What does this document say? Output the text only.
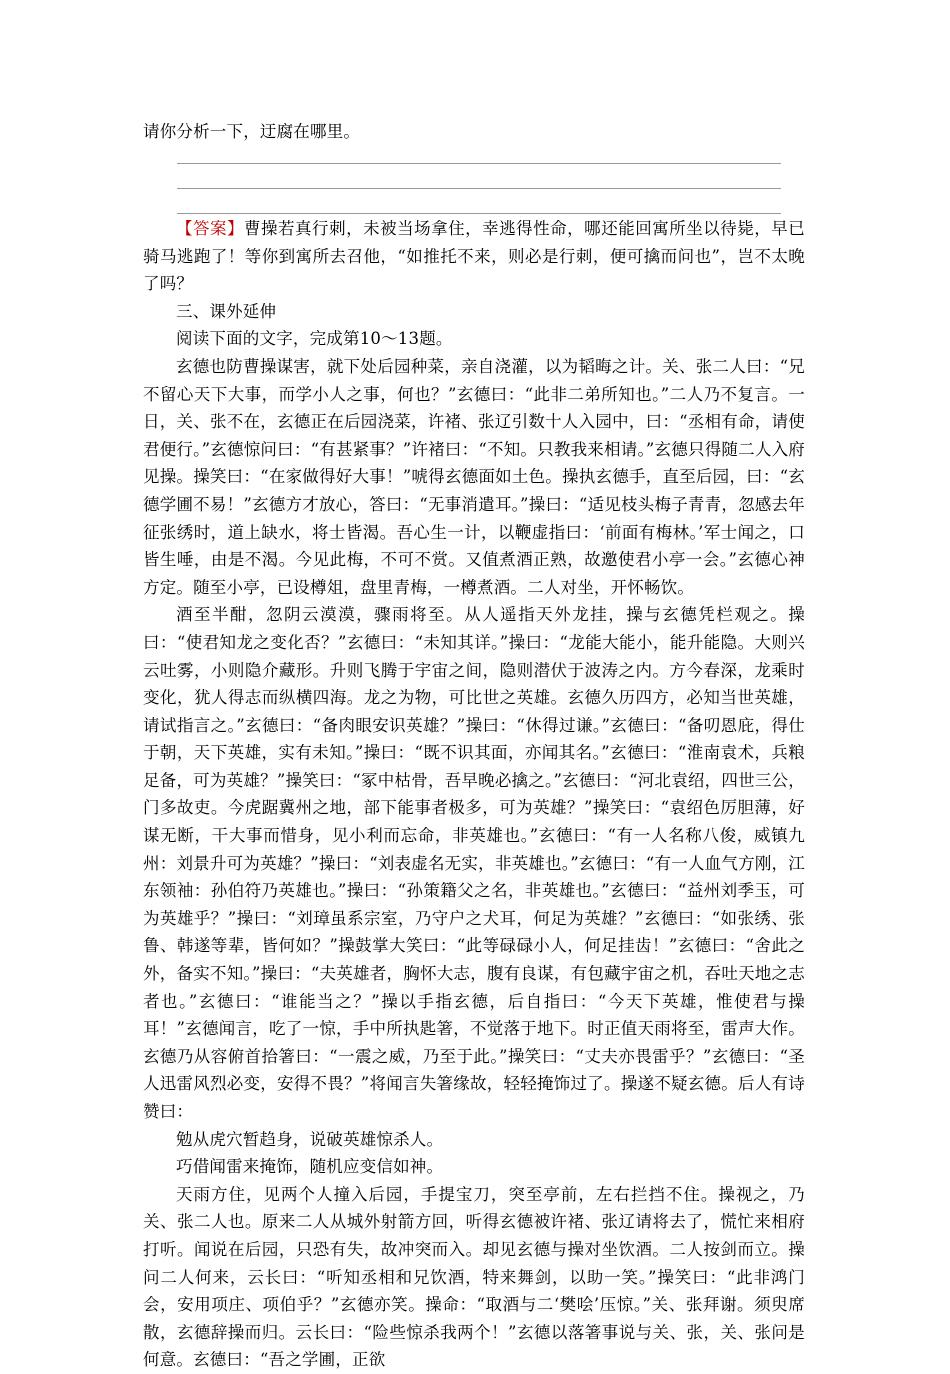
请你分析一下，迂腐在哪里。

【答案】曹操若真行刺，未被当场拿住，幸逃得性命，哪还能回寓所坐以待毙，早已骑马逃跑了！等你到寓所去召他，“如推托不来，则必是行刺，便可擒而问也”，岂不太晚了吗？

三、课外延伸

阅读下面的文字，完成第10～13题。

玄德也防曹操谋害，就下处后园种菜，亲自浇灌，以为韬晦之计。关、张二人曰：“兄不留心天下大事，而学小人之事，何也？”玄德曰：“此非二弟所知也。”二人乃不复言。一日，关、张不在，玄德正在后园浇菜，许褚、张辽引数十人入园中，曰：“丞相有命，请使君便行。”玄德惊问曰：“有甚紧事？”许褚曰：“不知。只教我来相请。”玄德只得随二人入府见操。操笑曰：“在家做得好大事！”唬得玄德面如土色。操执玄德手，直至后园，曰：“玄德学圃不易！”玄德方才放心，答曰：“无事消遣耳。”操曰：“适见枝头梅子青青，忽感去年征张绣时，道上缺水，将士皆渴。吾心生一计，以鞭虚指曰：‘前面有梅林。’军士闻之，口皆生唾，由是不渴。今见此梅，不可不赏。又值煮酒正熟，故邀使君小亭一会。”玄德心神方定。随至小亭，已设樽俎，盘里青梅，一樽煮酒。二人对坐，开怀畅饮。

酒至半酣，忽阴云漠漠，骤雨将至。从人遥指天外龙挂，操与玄德凭栏观之。操曰：“使君知龙之变化否？”玄德曰：“未知其详。”操曰：“龙能大能小，能升能隐。大则兴云吐雾，小则隐介藏形。升则飞腾于宇宙之间，隐则潜伏于波涛之内。方今春深，龙乘时变化，犹人得志而纵横四海。龙之为物，可比世之英雄。玄德久历四方，必知当世英雄，请试指言之。”玄德曰：“备肉眼安识英雄？”操曰：“休得过谦。”玄德曰：“备叨恩庇，得仕于朝，天下英雄，实有未知。”操曰：“既不识其面，亦闻其名。”玄德曰：“淮南袁术，兵粮足备，可为英雄？”操笑曰：“冢中枯骨，吾早晚必擒之。”玄德曰：“河北袁绍，四世三公，门多故吏。今虎踞冀州之地，部下能事者极多，可为英雄？”操笑曰：“袁绍色厉胆薄，好谋无断，干大事而惜身，见小利而忘命，非英雄也。”玄德曰：“有一人名称八俊，威镇九州：刘景升可为英雄？”操曰：“刘表虚名无实，非英雄也。”玄德曰：“有一人血气方刚，江东领袖：孙伯符乃英雄也。”操曰：“孙策籍父之名，非英雄也。”玄德曰：“益州刘季玉，可为英雄乎？”操曰：“刘璋虽系宗室，乃守户之犬耳，何足为英雄？”玄德曰：“如张绣、张鲁、韩遂等辈，皆何如？”操鼓掌大笑曰：“此等碌碌小人，何足挂齿！”玄德曰：“舍此之外，备实不知。”操曰：“夫英雄者，胸怀大志，腹有良谋，有包藏宇宙之机，吞吐天地之志者也。”玄德曰：“谁能当之？”操以手指玄德，后自指曰：“今天下英雄，惟使君与操耳！”玄德闻言，吃了一惊，手中所执匙箸，不觉落于地下。时正值天雨将至，雷声大作。玄德乃从容俯首拾箸曰：“一震之威，乃至于此。”操笑曰：“丈夫亦畏雷乎？”玄德曰：“圣人迅雷风烈必变，安得不畏？”将闻言失箸缘故，轻轻掩饰过了。操遂不疑玄德。后人有诗赞曰：

勉从虎穴暂趋身，说破英雄惊杀人。

巧借闻雷来掩饰，随机应变信如神。

天雨方住，见两个人撞入后园，手提宝刀，突至亭前，左右拦挡不住。操视之，乃关、张二人也。原来二人从城外射箭方回，听得玄德被许褚、张辽请将去了，慌忙来相府打听。闻说在后园，只恐有失，故冲突而入。却见玄德与操对坐饮酒。二人按剑而立。操问二人何来，云长曰：“听知丞相和兄饮酒，特来舞剑，以助一笑。”操笑曰：“此非鸿门会，安用项庄、项伯乎？”玄德亦笑。操命：“取酒与二‘樊哙’压惊。”关、张拜谢。须臾席散，玄德辞操而归。云长曰：“险些惊杀我两个！”玄德以落箸事说与关、张，关、张问是何意。玄德曰：“吾之学圃，正欲
